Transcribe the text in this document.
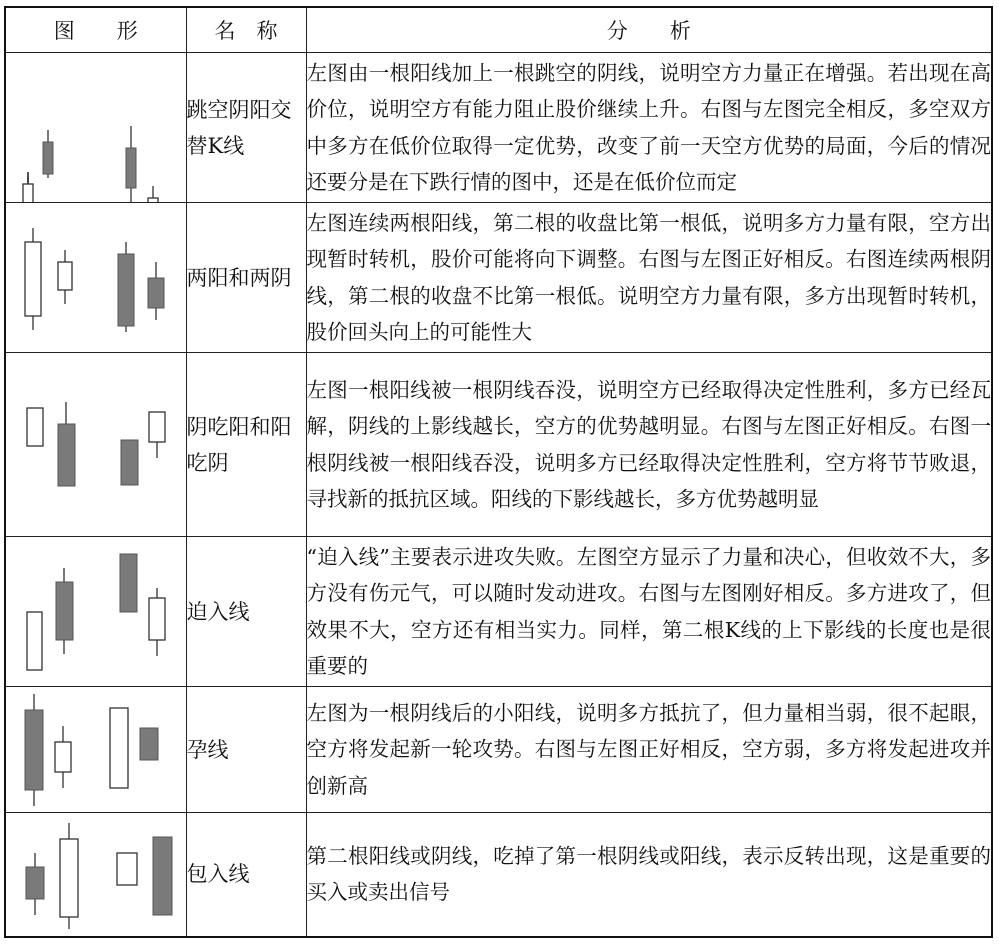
图　　形	名　称	分　　析

	跳空阴阳交替K线	左图由一根阳线加上一根跳空的阴线，说明空方力量正在增强。若出现在高价位，说明空方有能力阻止股价继续上升。右图与左图完全相反，多空双方中多方在低价位取得一定优势，改变了前一天空方优势的局面，今后的情况还要分是在下跌行情的图中，还是在低价位而定

	两阳和两阴	左图连续两根阳线，第二根的收盘比第一根低，说明多方力量有限，空方出现暂时转机，股价可能将向下调整。右图与左图正好相反。右图连续两根阴线，第二根的收盘不比第一根低。说明空方力量有限，多方出现暂时转机，股价回头向上的可能性大

	阴吃阳和阳吃阴	左图一根阳线被一根阴线吞没，说明空方已经取得决定性胜利，多方已经瓦解，阴线的上影线越长，空方的优势越明显。右图与左图正好相反。右图一根阴线被一根阳线吞没，说明多方已经取得决定性胜利，空方将节节败退，寻找新的抵抗区域。阳线的下影线越长，多方优势越明显

	迫入线	“迫入线”主要表示进攻失败。左图空方显示了力量和决心，但收效不大，多方没有伤元气，可以随时发动进攻。右图与左图刚好相反。多方进攻了，但效果不大，空方还有相当实力。同样，第二根K线的上下影线的长度也是很重要的

	孕线	左图为一根阴线后的小阳线，说明多方抵抗了，但力量相当弱，很不起眼，空方将发起新一轮攻势。右图与左图正好相反，空方弱，多方将发起进攻并创新高

	包入线	第二根阳线或阴线，吃掉了第一根阴线或阳线，表示反转出现，这是重要的买入或卖出信号
